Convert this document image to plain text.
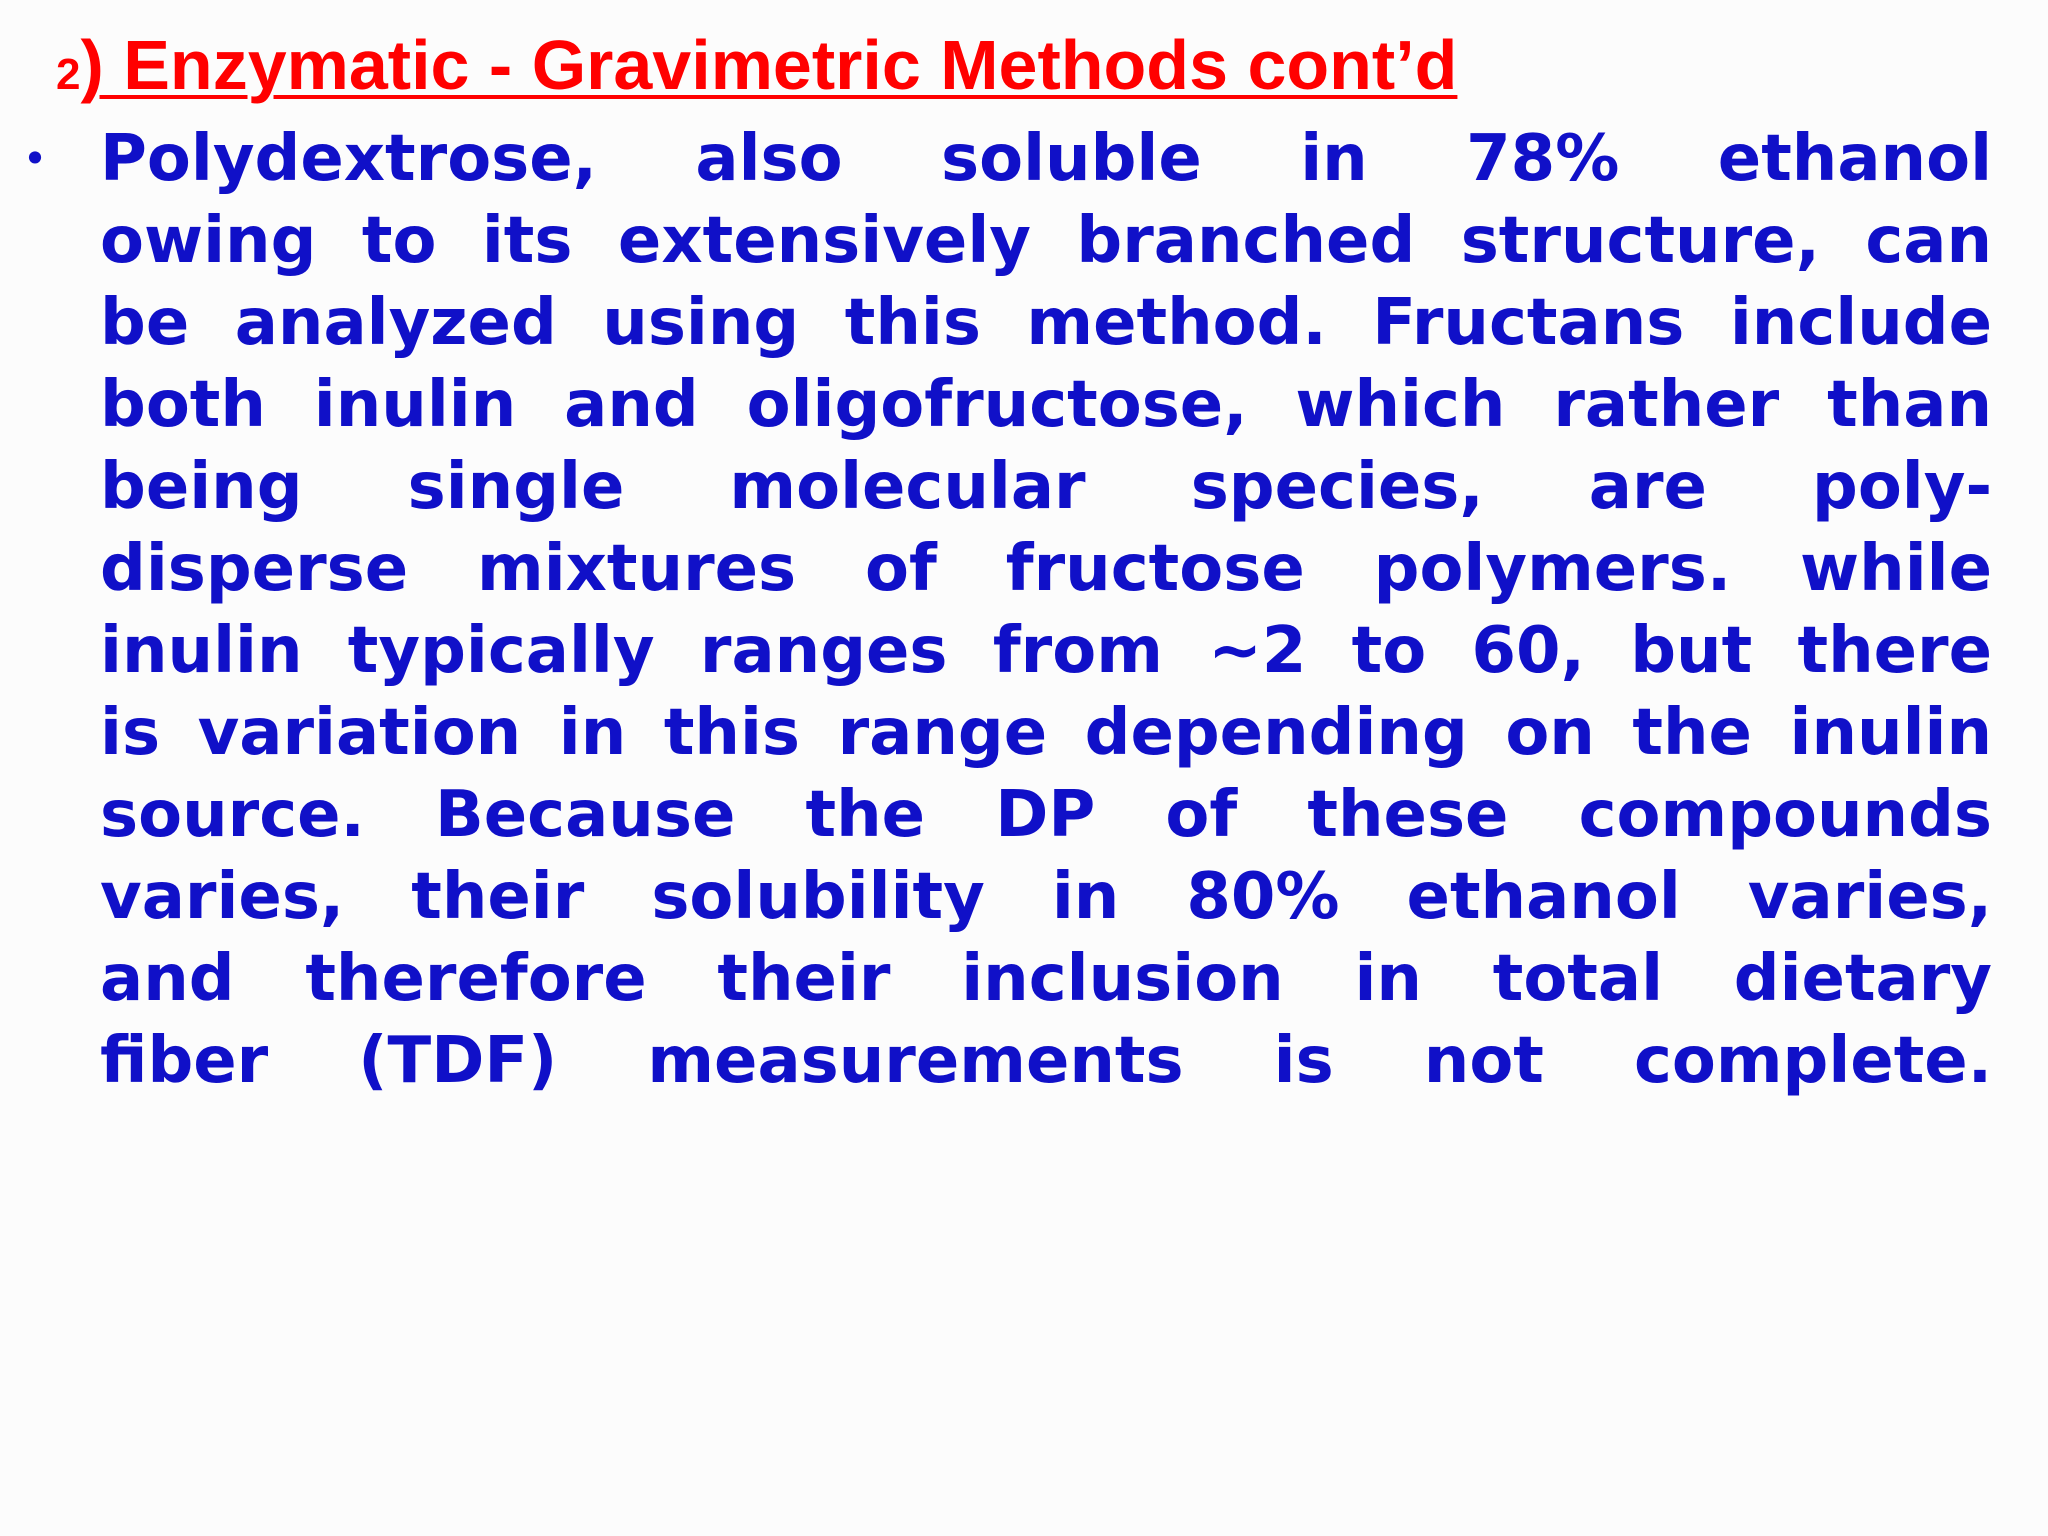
2) Enzymatic - Gravimetric Methods cont’d
• Polydextrose, also soluble in 78% ethanol
owing to its extensively branched structure, can
be analyzed using this method. Fructans include
both inulin and oligofructose, which rather than
being single molecular species, are poly-
disperse mixtures of fructose polymers. while
inulin typically ranges from ~2 to 60, but there
is variation in this range depending on the inulin
source. Because the DP of these compounds
varies, their solubility in 80% ethanol varies,
and therefore their inclusion in total dietary
fiber (TDF) measurements is not complete.
